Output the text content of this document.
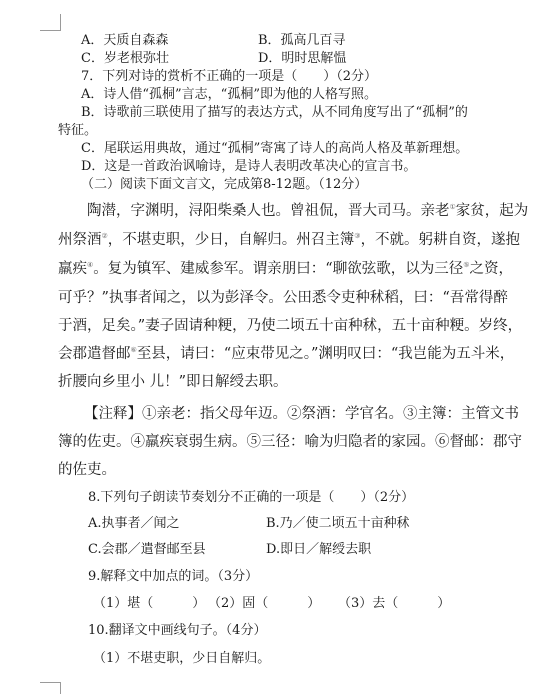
A．天质自森森	B．孤高几百寻
C．岁老根弥壮	D．明时思解愠
7．下列对诗的赏析不正确的一项是（　　）（2分）
A．诗人借“孤桐”言志，“孤桐”即为他的人格写照。
B．诗歌前三联使用了描写的表达方式，从不同角度写出了“孤桐”的
特征。
C．尾联运用典故，通过“孤桐”寄寓了诗人的高尚人格及革新理想。
D．这是一首政治讽喻诗，是诗人表明改革决心的宣言书。
（二）阅读下面文言文，完成第8-12题。（12分）
陶潜，字渊明，浔阳柴桑人也。曾祖侃，晋大司马。亲老①家贫，起为
州祭酒②，不堪吏职，少日，自解归。州召主簿③，不就。躬耕自资，遂抱
羸疾④。复为镇军、建威参军。谓亲朋曰：“聊欲弦歌，以为三径⑤之资，
可乎？”执事者闻之，以为彭泽令。公田悉令吏种秫稻，曰：“吾常得醉
于酒，足矣。”妻子固请种粳，乃使二顷五十亩种秫，五十亩种粳。岁终，
会郡遣督邮⑥至县，请曰：“应束带见之。”渊明叹曰：“我岂能为五斗米，
折腰向乡里小 儿！”即日解绶去职。
【注释】①亲老：指父母年迈。②祭酒：学官名。③主簿：主管文书
簿的佐吏。④羸疾衰弱生病。⑤三径：喻为归隐者的家园。⑥督邮：郡守
的佐吏。
8.下列句子朗读节奏划分不正确的一项是（　　）（2分）
A.执事者／闻之	B.乃／使二顷五十亩种秫
C.会郡／遣督邮至县	D.即日／解绶去职
9.解释文中加点的词。（3分）
（1）堪（　　　） （2）固（　　　） （3）去（　　　）
10.翻译文中画线句子。（4分）
（1）不堪吏职，少日自解归。
